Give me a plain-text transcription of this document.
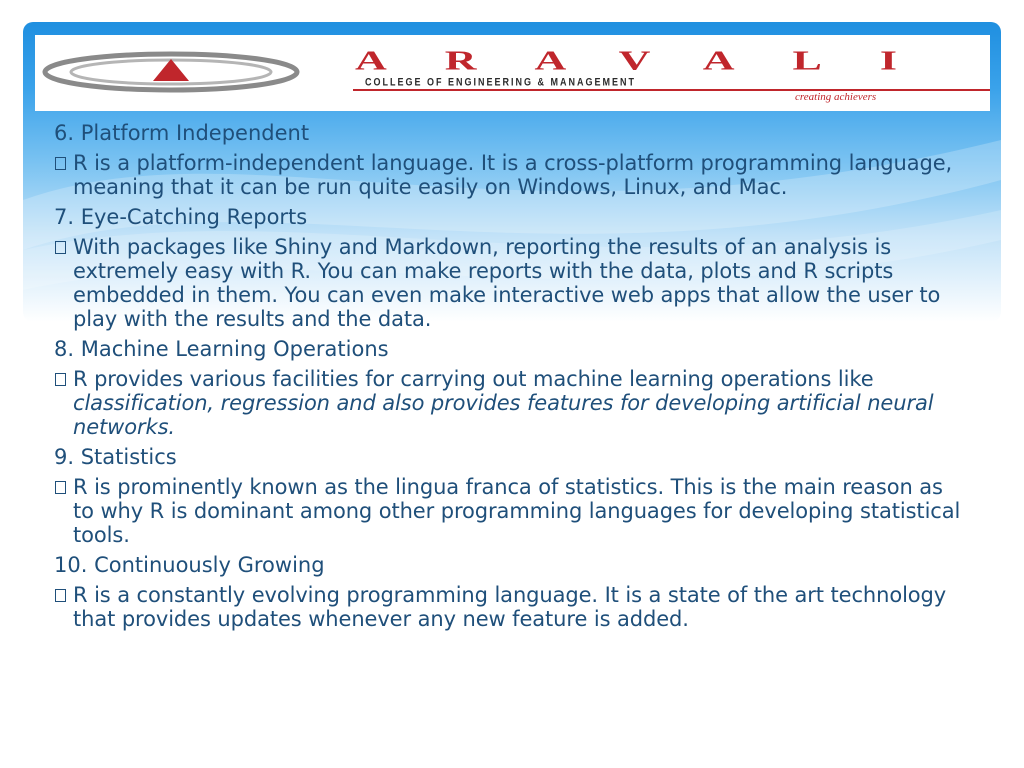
ARAVALI
COLLEGE OF ENGINEERING & MANAGEMENT
creating achievers
6. Platform Independent
R is a platform-independent language. It is a cross-platform programming language, meaning that it can be run quite easily on Windows, Linux, and Mac.
7. Eye-Catching Reports
With packages like Shiny and Markdown, reporting the results of an analysis is extremely easy with R. You can make reports with the data, plots and R scripts embedded in them. You can even make interactive web apps that allow the user to play with the results and the data.
8. Machine Learning Operations
R provides various facilities for carrying out machine learning operations like classification, regression and also provides features for developing artificial neural networks.
9. Statistics
R is prominently known as the lingua franca of statistics. This is the main reason as to why R is dominant among other programming languages for developing statistical tools.
10. Continuously Growing
R is a constantly evolving programming language. It is a state of the art technology that provides updates whenever any new feature is added.
